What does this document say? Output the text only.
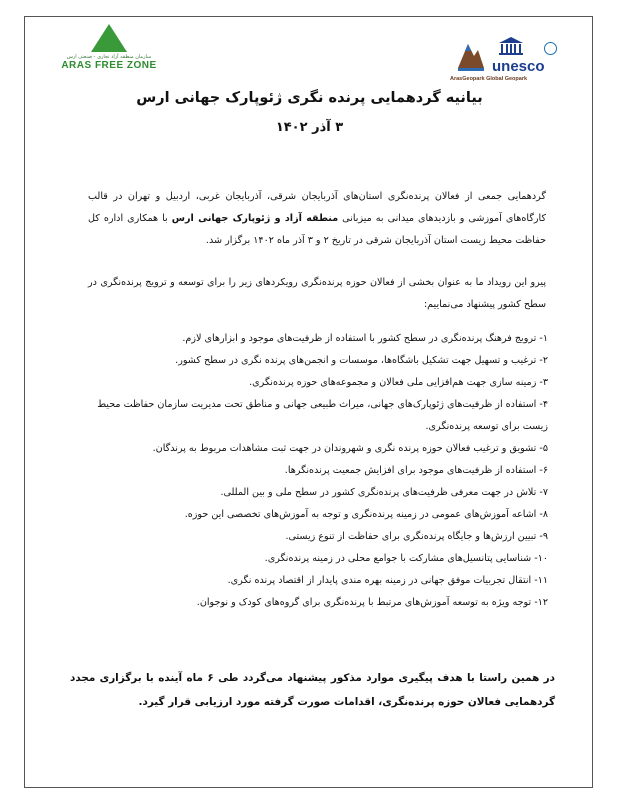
سازمان منطقه آزاد تجاری - صنعتی ارس
ARAS FREE ZONE	unesco
ArasGeopark Global Geopark
بیانیه گردهمایی پرنده نگری ژئوپارک جهانی ارس
۳ آذر ۱۴۰۲
گردهمایی جمعی از فعالان پرنده‌نگری استان‌های آذربایجان شرقی، آذربایجان غربی، اردبیل و تهران در قالب کارگاه‌های آموزشی و بازدیدهای میدانی به میزبانی منطقه آزاد و ژئوپارک جهانی ارس با همکاری اداره کل حفاظت محیط زیست استان آذربایجان شرقی در تاریخ ۲ و ۳ آذر ماه ۱۴۰۲ برگزار شد.
پیرو این رویداد ما به عنوان بخشی از فعالان حوزه پرنده‌نگری رویکردهای زیر را برای توسعه و ترویج پرنده‌نگری در سطح کشور پیشنهاد می‌نماییم:
۱- ترویج فرهنگ پرنده‌نگری در سطح کشور با استفاده از ظرفیت‌های موجود و ابزارهای لازم.
۲- ترغیب و تسهیل جهت تشکیل باشگاه‌ها، موسسات و انجمن‌های پرنده نگری در سطح کشور.
۳- زمینه سازی جهت هم‌افزایی ملی فعالان و مجموعه‌های حوزه پرنده‌نگری.
۴- استفاده از ظرفیت‌های ژئوپارک‌های جهانی، میراث طبیعی جهانی و مناطق تحت مدیریت سازمان حفاظت محیط زیست برای توسعه پرنده‌نگری.
۵- تشویق و ترغیب فعالان حوزه پرنده نگری و شهروندان در جهت ثبت مشاهدات مربوط به پرندگان.
۶- استفاده از ظرفیت‌های موجود برای افزایش جمعیت پرنده‌نگرها.
۷- تلاش در جهت معرفی ظرفیت‌های پرنده‌نگری کشور در سطح ملی و بین المللی.
۸- اشاعه آموزش‌های عمومی در زمینه پرنده‌نگری و توجه به آموزش‌های تخصصی این حوزه.
۹- تبیین ارزش‌ها و جایگاه پرنده‌نگری برای حفاظت از تنوع زیستی.
۱۰- شناسایی پتانسیل‌های مشارکت با جوامع محلی در زمینه پرنده‌نگری.
۱۱- انتقال تجربیات موفق جهانی در زمینه بهره مندی پایدار از اقتصاد پرنده نگری.
۱۲- توجه ویژه به توسعه آموزش‌های مرتبط با پرنده‌نگری برای گروه‌های کودک و نوجوان.
در همین راستا با هدف پیگیری موارد مذکور پیشنهاد می‌گردد طی ۶ ماه آینده با برگزاری مجدد گردهمایی فعالان حوزه پرنده‌نگری، اقدامات صورت گرفته مورد ارزیابی قرار گیرد.
